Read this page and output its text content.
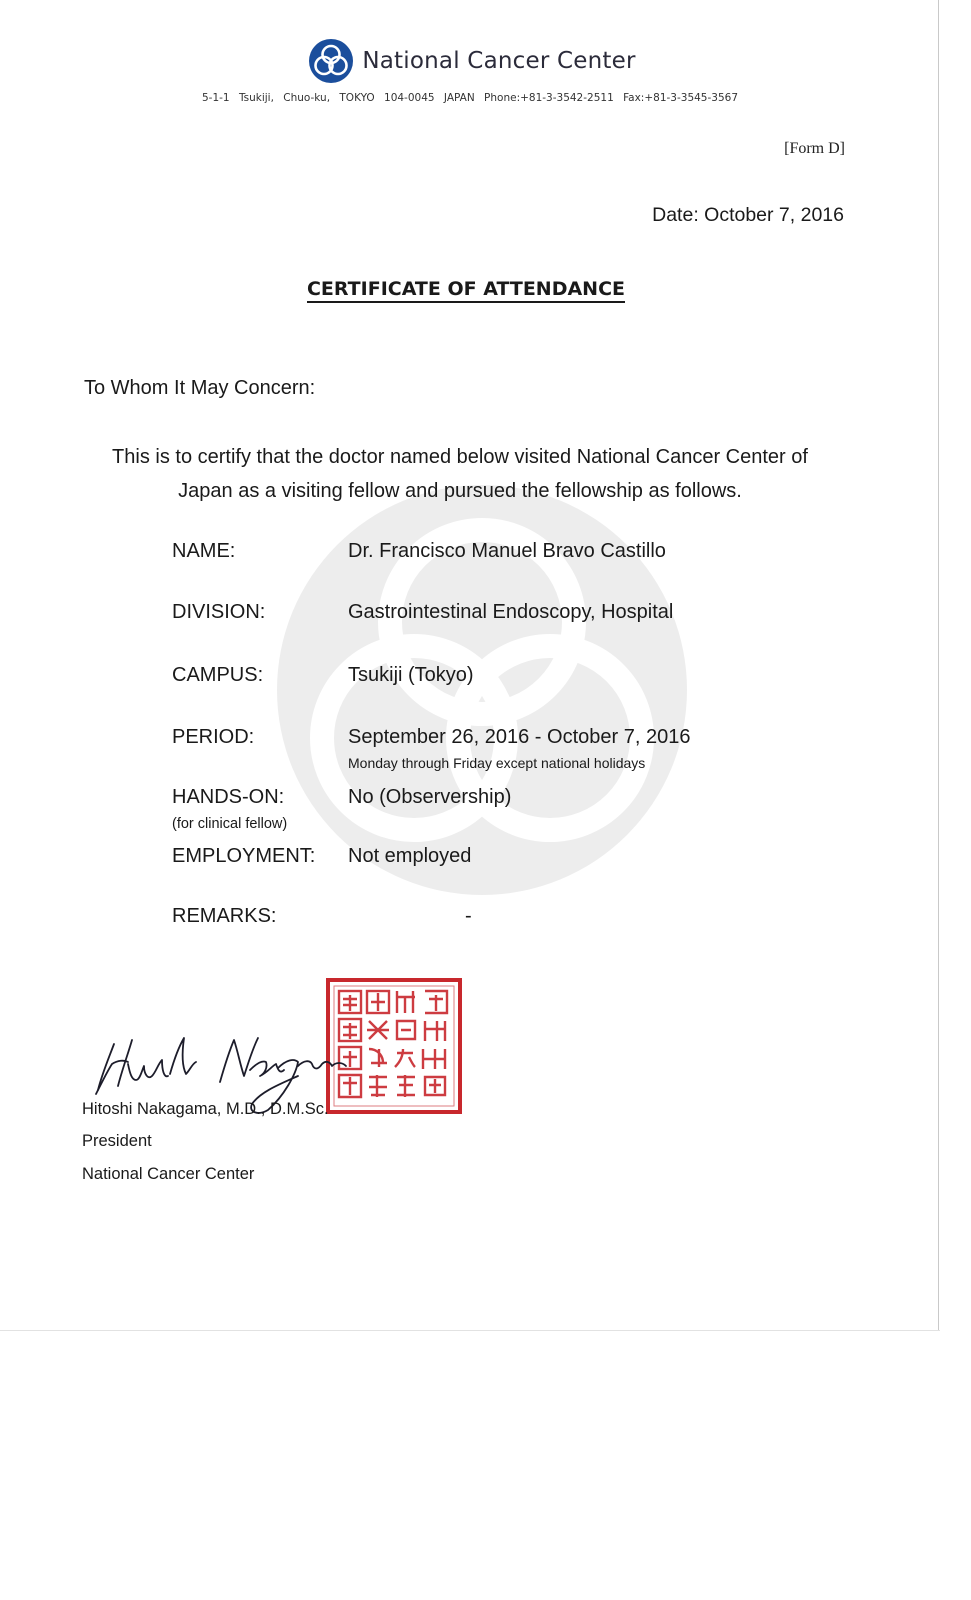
National Cancer Center
5-1-1 Tsukiji, Chuo-ku, TOKYO 104-0045 JAPAN Phone:+81-3-3542-2511 Fax:+81-3-3545-3567
[Form D]
Date: October 7, 2016
CERTIFICATE OF ATTENDANCE
To Whom It May Concern:
This is to certify that the doctor named below visited National Cancer Center of Japan as a visiting fellow and pursued the fellowship as follows.
NAME:	Dr. Francisco Manuel Bravo Castillo
DIVISION:	Gastrointestinal Endoscopy, Hospital
CAMPUS:	Tsukiji (Tokyo)
PERIOD:	September 26, 2016 - October 7, 2016
Monday through Friday except national holidays
HANDS-ON:
(for clinical fellow)
No (Observership)
EMPLOYMENT: Not employed
REMARKS:	-
Hitoshi Nakagama, M.D., D.M.Sc.
President
National Cancer Center
